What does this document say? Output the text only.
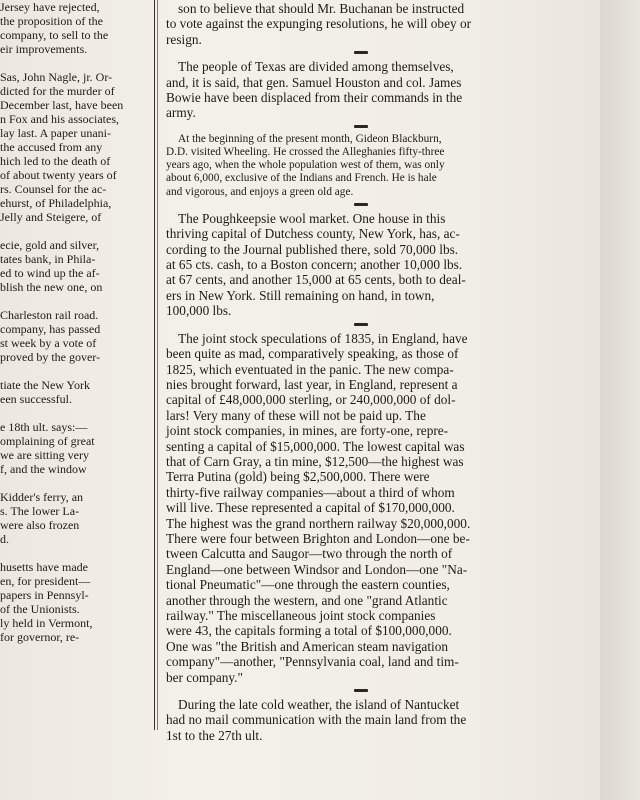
Jersey have rejected,

the proposition of the

company, to sell to the

eir improvements.

Sas, John Nagle, jr. Or-

dicted for the murder of

December last, have been

n Fox and his associates,

lay last. A paper unani-

the accused from any

hich led to the death of

of about twenty years of

rs. Counsel for the ac-

ehurst, of Philadelphia,

Jelly and Steigere, of

ecie, gold and silver,

tates bank, in Phila-

ed to wind up the af-

blish the new one, on

Charleston rail road.

company, has passed

st week by a vote of

proved by the gover-

tiate the New York

een successful.

e 18th ult. says:—

omplaining of great

we are sitting very

f, and the window

Kidder's ferry, an

s. The lower La-

were also frozen

d.

husetts have made

en, for president—

papers in Pennsyl-

of the Unionists.

ly held in Vermont,

for governor, re-

son to believe that should Mr. Buchanan be instructed
to vote against the expunging resolutions, he will obey or
resign.
The people of Texas are divided among themselves,
and, it is said, that gen. Samuel Houston and col. James
Bowie have been displaced from their commands in the
army.
At the beginning of the present month, Gideon Blackburn,
D.D. visited Wheeling. He crossed the Alleghanies fifty-three
years ago, when the whole population west of them, was only
about 6,000, exclusive of the Indians and French. He is hale
and vigorous, and enjoys a green old age.
The Poughkeepsie wool market. One house in this
thriving capital of Dutchess county, New York, has, ac-
cording to the Journal published there, sold 70,000 lbs.
at 65 cts. cash, to a Boston concern; another 10,000 lbs.
at 67 cents, and another 15,000 at 65 cents, both to deal-
ers in New York. Still remaining on hand, in town,
100,000 lbs.
The joint stock speculations of 1835, in England, have
been quite as mad, comparatively speaking, as those of
1825, which eventuated in the panic. The new compa-
nies brought forward, last year, in England, represent a
capital of £48,000,000 sterling, or 240,000,000 of dol-
lars! Very many of these will not be paid up. The
joint stock companies, in mines, are forty-one, repre-
senting a capital of $15,000,000. The lowest capital was
that of Carn Gray, a tin mine, $12,500—the highest was
Terra Putina (gold) being $2,500,000. There were
thirty-five railway companies—about a third of whom
will live. These represented a capital of $170,000,000.
The highest was the grand northern railway $20,000,000.
There were four between Brighton and London—one be-
tween Calcutta and Saugor—two through the north of
England—one between Windsor and London—one "Na-
tional Pneumatic"—one through the eastern counties,
another through the western, and one "grand Atlantic
railway." The miscellaneous joint stock companies
were 43, the capitals forming a total of $100,000,000.
One was "the British and American steam navigation
company"—another, "Pennsylvania coal, land and tim-
ber company."
During the late cold weather, the island of Nantucket
had no mail communication with the main land from the
1st to the 27th ult.
